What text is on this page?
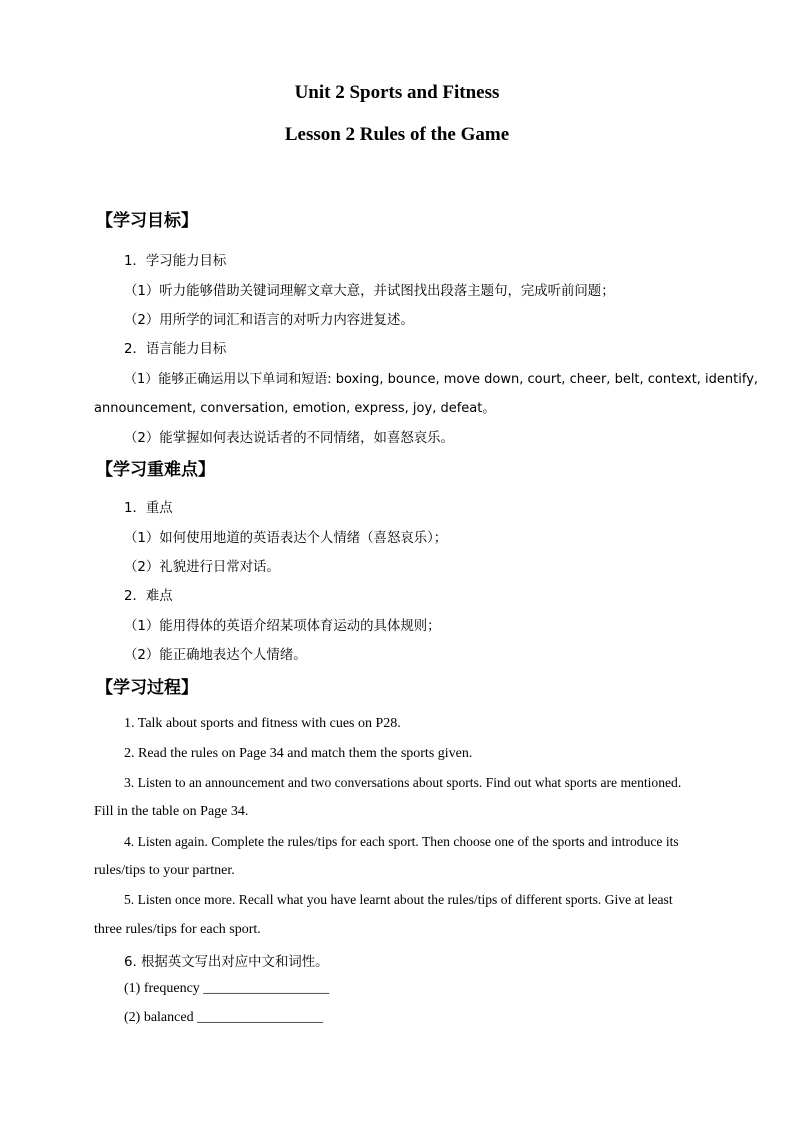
Unit 2 Sports and Fitness
Lesson 2 Rules of the Game
【学习目标】
1．学习能力目标
（1）听力能够借助关键词理解文章大意，并试图找出段落主题句，完成听前问题；
（2）用所学的词汇和语言的对听力内容进复述。
2．语言能力目标
（1）能够正确运用以下单词和短语: boxing, bounce, move down, court, cheer, belt, context, identify,
announcement, conversation, emotion, express, joy, defeat。
（2）能掌握如何表达说话者的不同情绪，如喜怒哀乐。
【学习重难点】
1．重点
（1）如何使用地道的英语表达个人情绪（喜怒哀乐）；
（2）礼貌进行日常对话。
2．难点
（1）能用得体的英语介绍某项体育运动的具体规则；
（2）能正确地表达个人情绪。
【学习过程】
1. Talk about sports and fitness with cues on P28.
2. Read the rules on Page 34 and match them the sports given.
3. Listen to an announcement and two conversations about sports. Find out what sports are mentioned.
Fill in the table on Page 34.
4. Listen again. Complete the rules/tips for each sport. Then choose one of the sports and introduce its
rules/tips to your partner.
5. Listen once more. Recall what you have learnt about the rules/tips of different sports. Give at least
three rules/tips for each sport.
6. 根据英文写出对应中文和词性。
(1) frequency __________________
(2) balanced __________________
